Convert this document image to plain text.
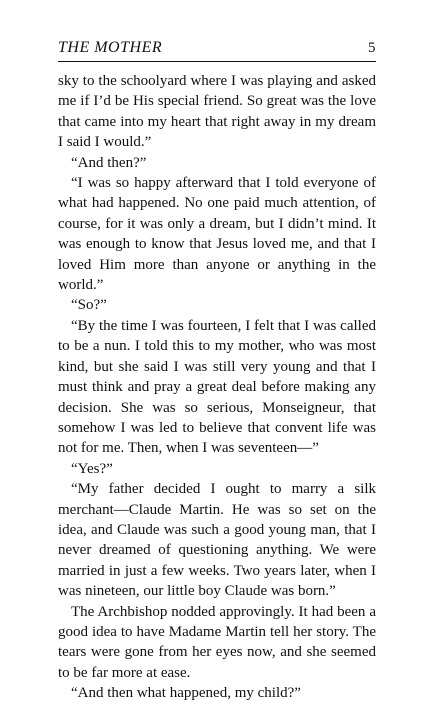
THE MOTHER	5

sky to the schoolyard where I was playing and asked me if I’d be His special friend. So great was the love that came into my heart that right away in my dream I said I would.”

“And then?”

“I was so happy afterward that I told everyone of what had happened. No one paid much attention, of course, for it was only a dream, but I didn’t mind. It was enough to know that Jesus loved me, and that I loved Him more than anyone or anything in the world.”

“So?”

“By the time I was fourteen, I felt that I was called to be a nun. I told this to my mother, who was most kind, but she said I was still very young and that I must think and pray a great deal before making any decision. She was so serious, Monseigneur, that somehow I was led to believe that convent life was not for me. Then, when I was seventeen—”

“Yes?”

“My father decided I ought to marry a silk merchant—Claude Martin. He was so set on the idea, and Claude was such a good young man, that I never dreamed of questioning anything. We were married in just a few weeks. Two years later, when I was nineteen, our little boy Claude was born.”

The Archbishop nodded approvingly. It had been a good idea to have Madame Martin tell her story. The tears were gone from her eyes now, and she seemed to be far more at ease.

“And then what happened, my child?”
